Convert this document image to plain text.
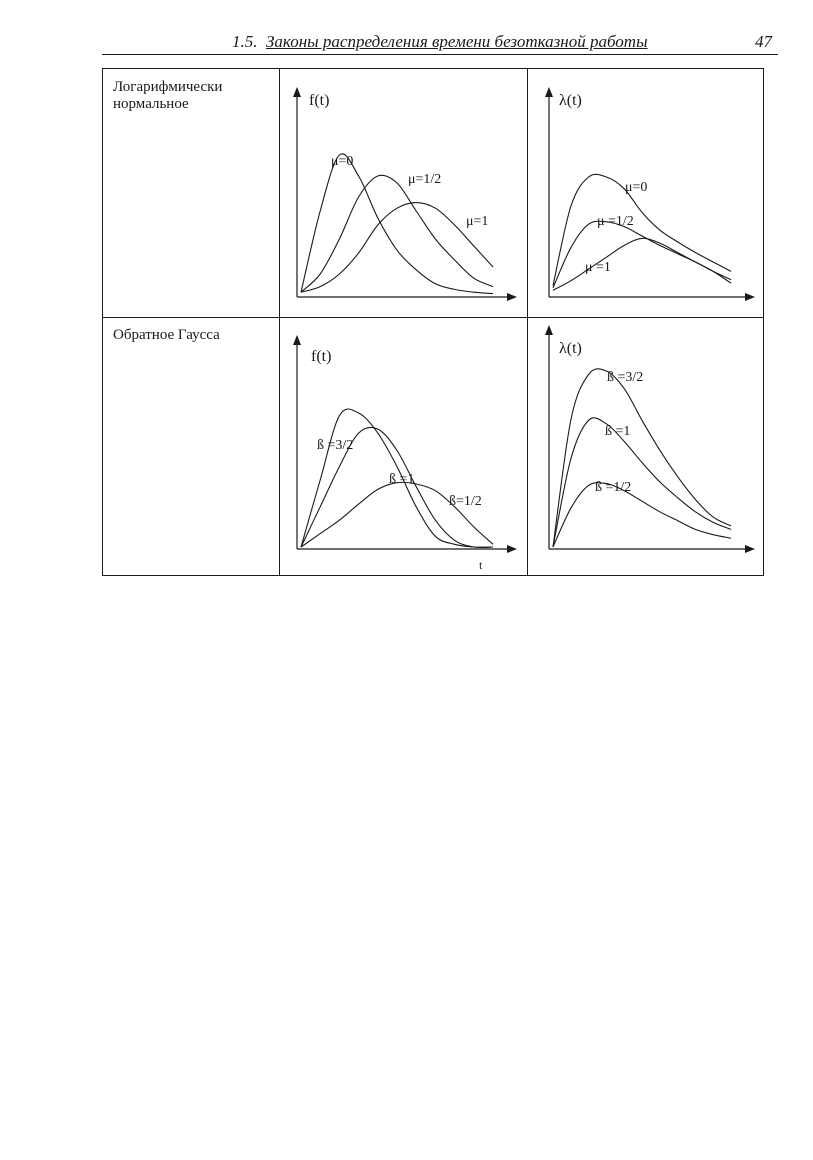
1.5. Законы распределения времени безотказной работы	47
Логарифмически
нормальное
Обратное Гаусса
f(t)
μ=0
μ=1/2
μ=1
λ(t)
μ=0
μ =1/2
μ =1
f(t)
t
ß =3/2
ß =1
ß=1/2
λ(t)
ß =3/2
ß =1
ß =1/2
